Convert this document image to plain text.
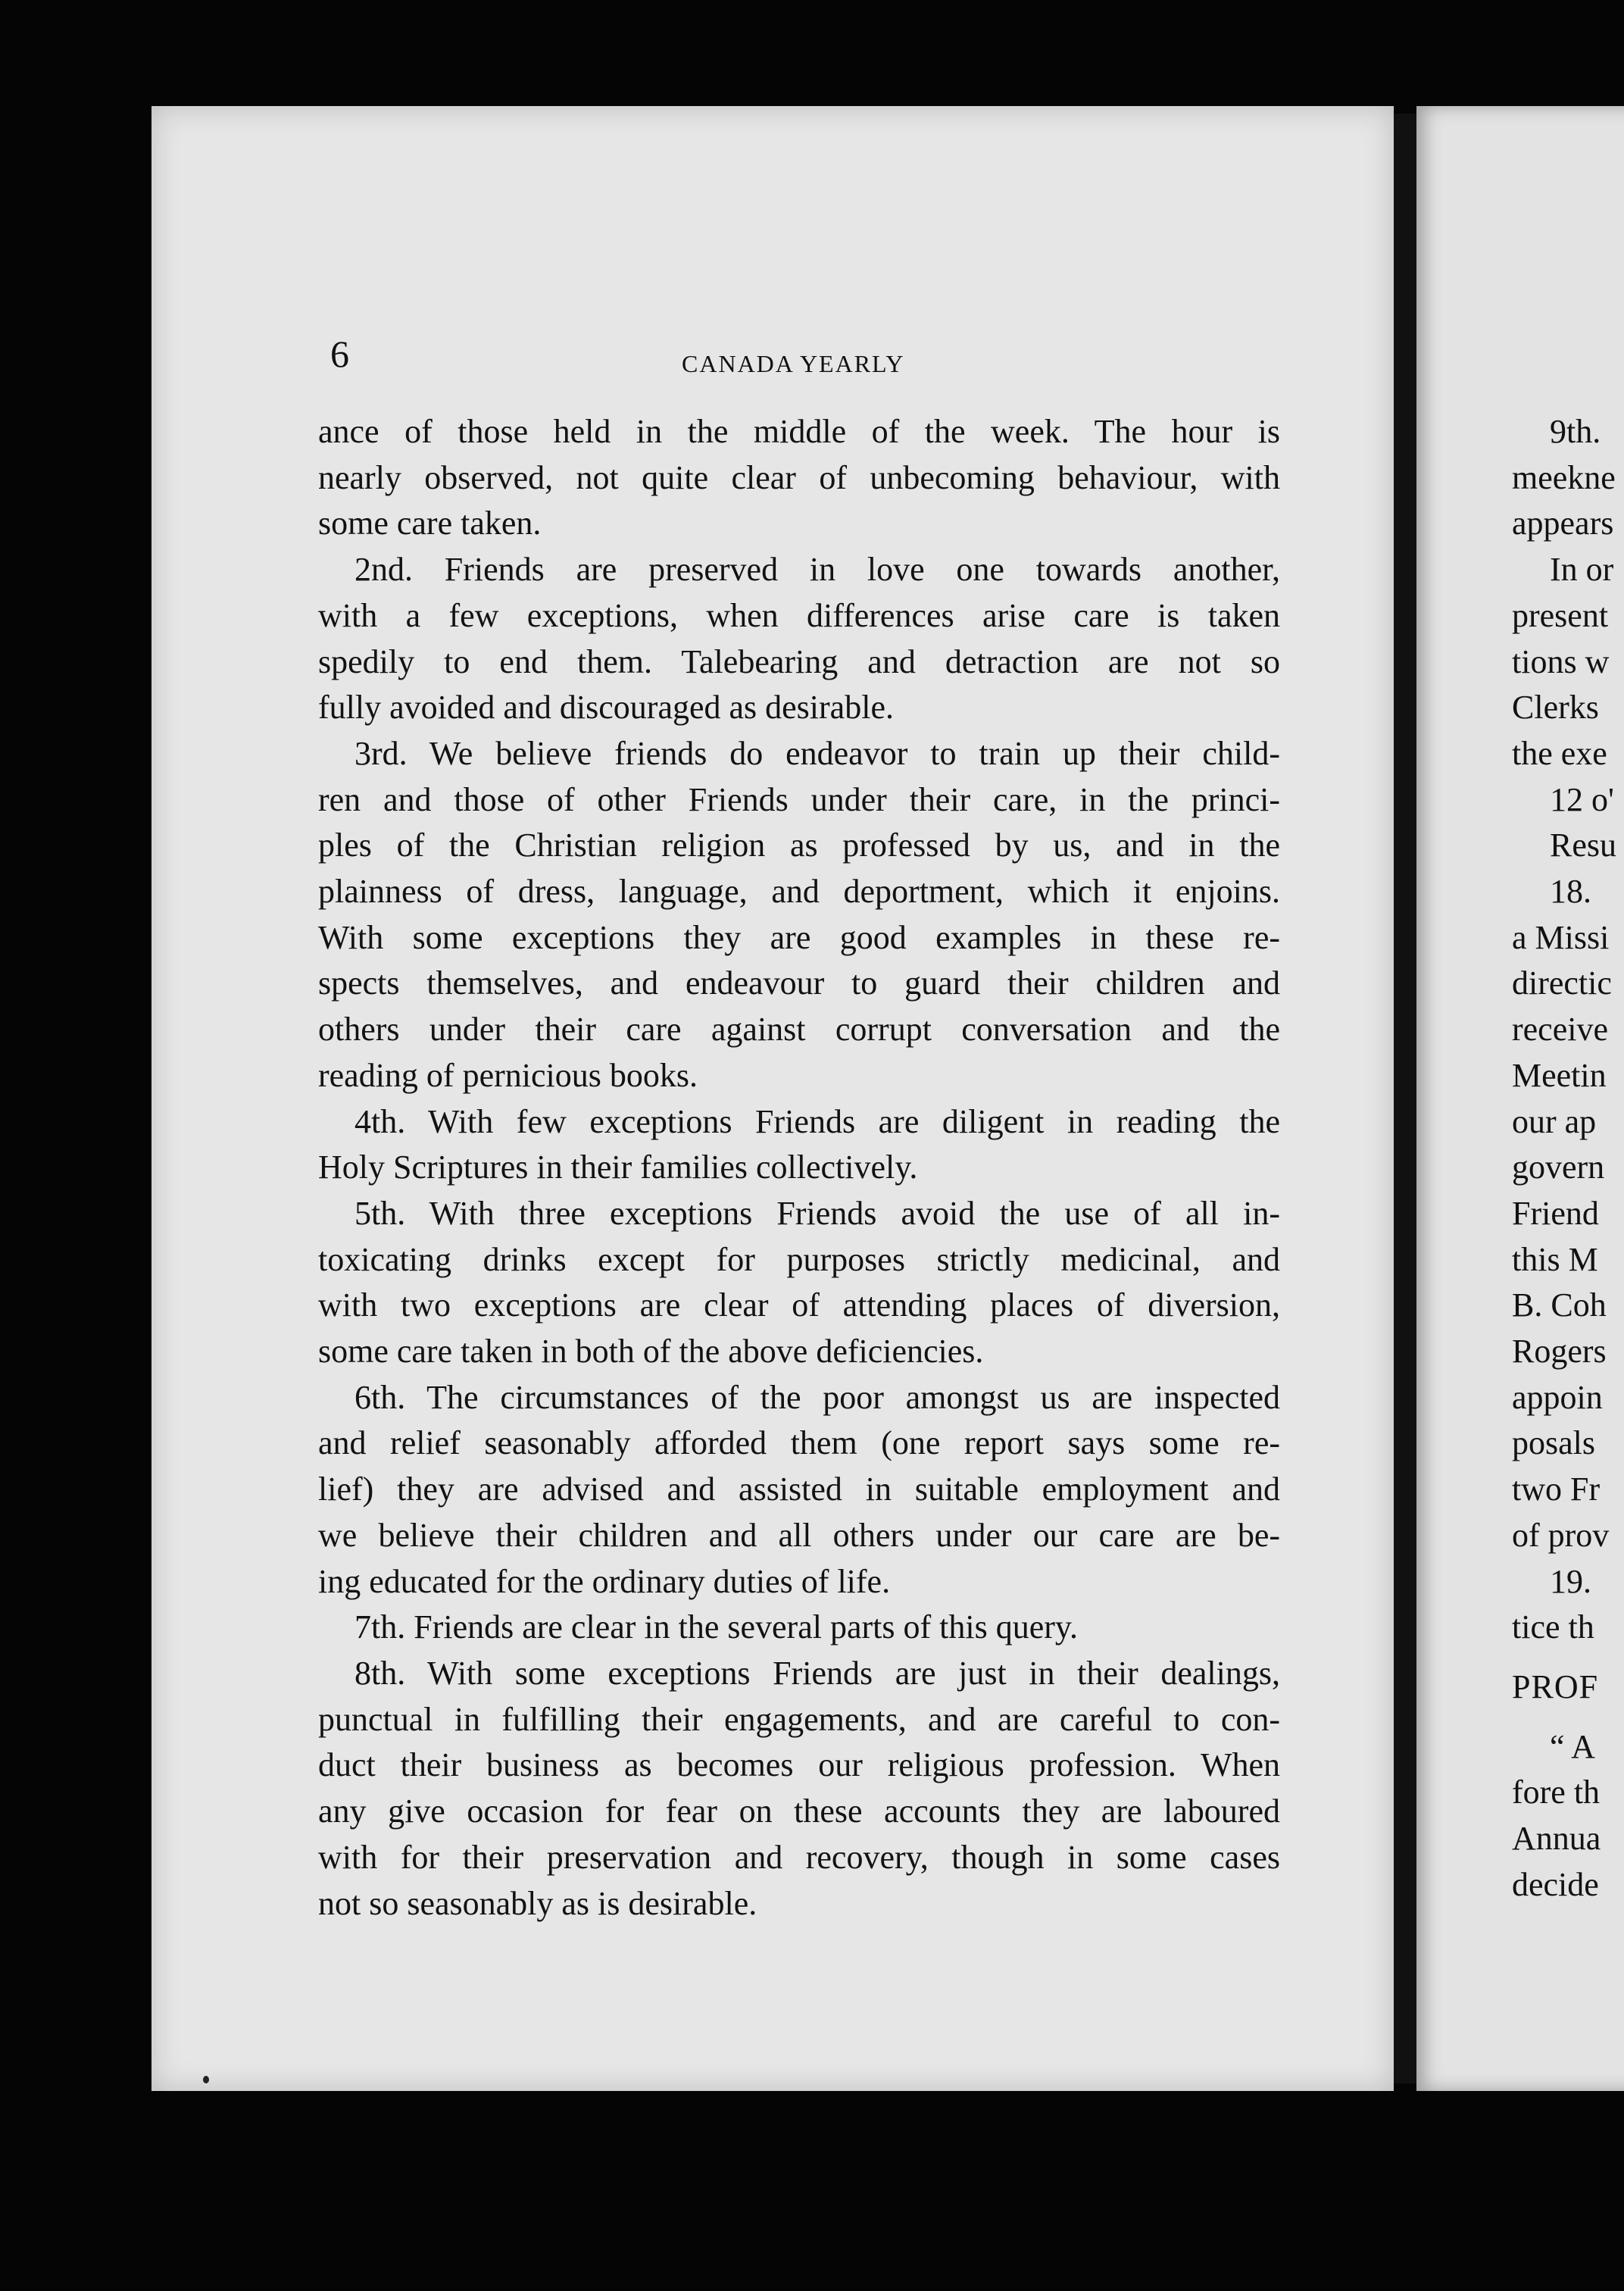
6	CANADA YEARLY
ance of those held in the middle of the week. The hour is
nearly observed, not quite clear of unbecoming behaviour, with
some care taken.
2nd. Friends are preserved in love one towards another,
with a few exceptions, when differences arise care is taken
spedily to end them. Talebearing and detraction are not so
fully avoided and discouraged as desirable.
3rd. We believe friends do endeavor to train up their child-
ren and those of other Friends under their care, in the princi-
ples of the Christian religion as professed by us, and in the
plainness of dress, language, and deportment, which it enjoins.
With some exceptions they are good examples in these re-
spects themselves, and endeavour to guard their children and
others under their care against corrupt conversation and the
reading of pernicious books.
4th. With few exceptions Friends are diligent in reading the
Holy Scriptures in their families collectively.
5th. With three exceptions Friends avoid the use of all in-
toxicating drinks except for purposes strictly medicinal, and
with two exceptions are clear of attending places of diversion,
some care taken in both of the above deficiencies.
6th. The circumstances of the poor amongst us are inspected
and relief seasonably afforded them (one report says some re-
lief) they are advised and assisted in suitable employment and
we believe their children and all others under our care are be-
ing educated for the ordinary duties of life.
7th. Friends are clear in the several parts of this query.
8th. With some exceptions Friends are just in their dealings,
punctual in fulfilling their engagements, and are careful to con-
duct their business as becomes our religious profession. When
any give occasion for fear on these accounts they are laboured
with for their preservation and recovery, though in some cases
not so seasonably as is desirable.
9th.
meekne
appears
In or
present
tions w
Clerks
the exe
12 o'
Resu
18.
a Missi
directic
receive
Meetin
our ap
govern
Friend
this M
B. Coh
Rogers
appoin
posals
two Fr
of prov
19.
tice th
PROF
“ A
fore th
Annua
decide
